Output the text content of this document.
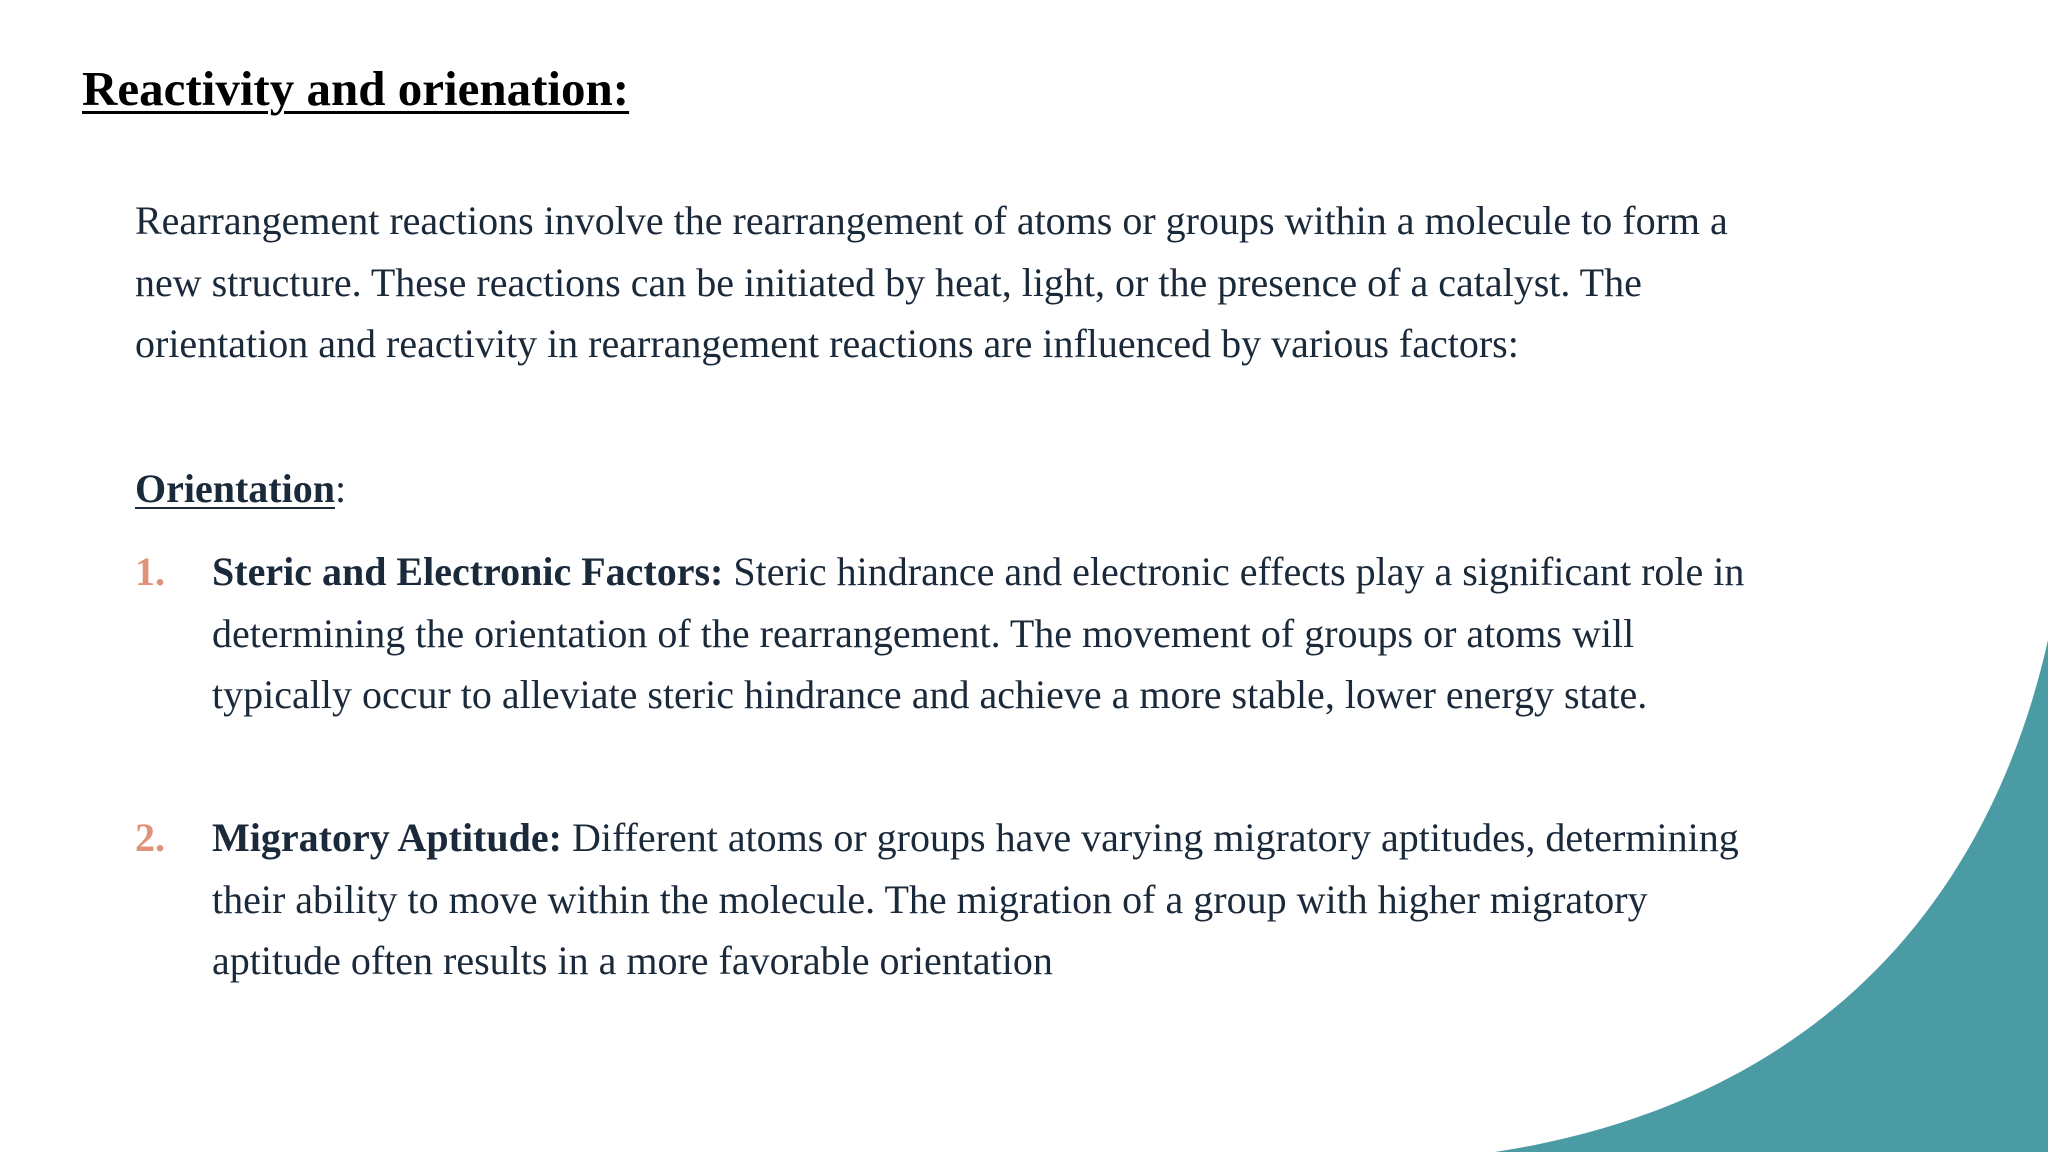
Reactivity and orienation:

Rearrangement reactions involve the rearrangement of atoms or groups within a molecule to form a new structure. These reactions can be initiated by heat, light, or the presence of a catalyst. The orientation and reactivity in rearrangement reactions are influenced by various factors:

Orientation:

1. Steric and Electronic Factors: Steric hindrance and electronic effects play a significant role in determining the orientation of the rearrangement. The movement of groups or atoms will typically occur to alleviate steric hindrance and achieve a more stable, lower energy state.
2. Migratory Aptitude: Different atoms or groups have varying migratory aptitudes, determining their ability to move within the molecule. The migration of a group with higher migratory aptitude often results in a more favorable orientation
